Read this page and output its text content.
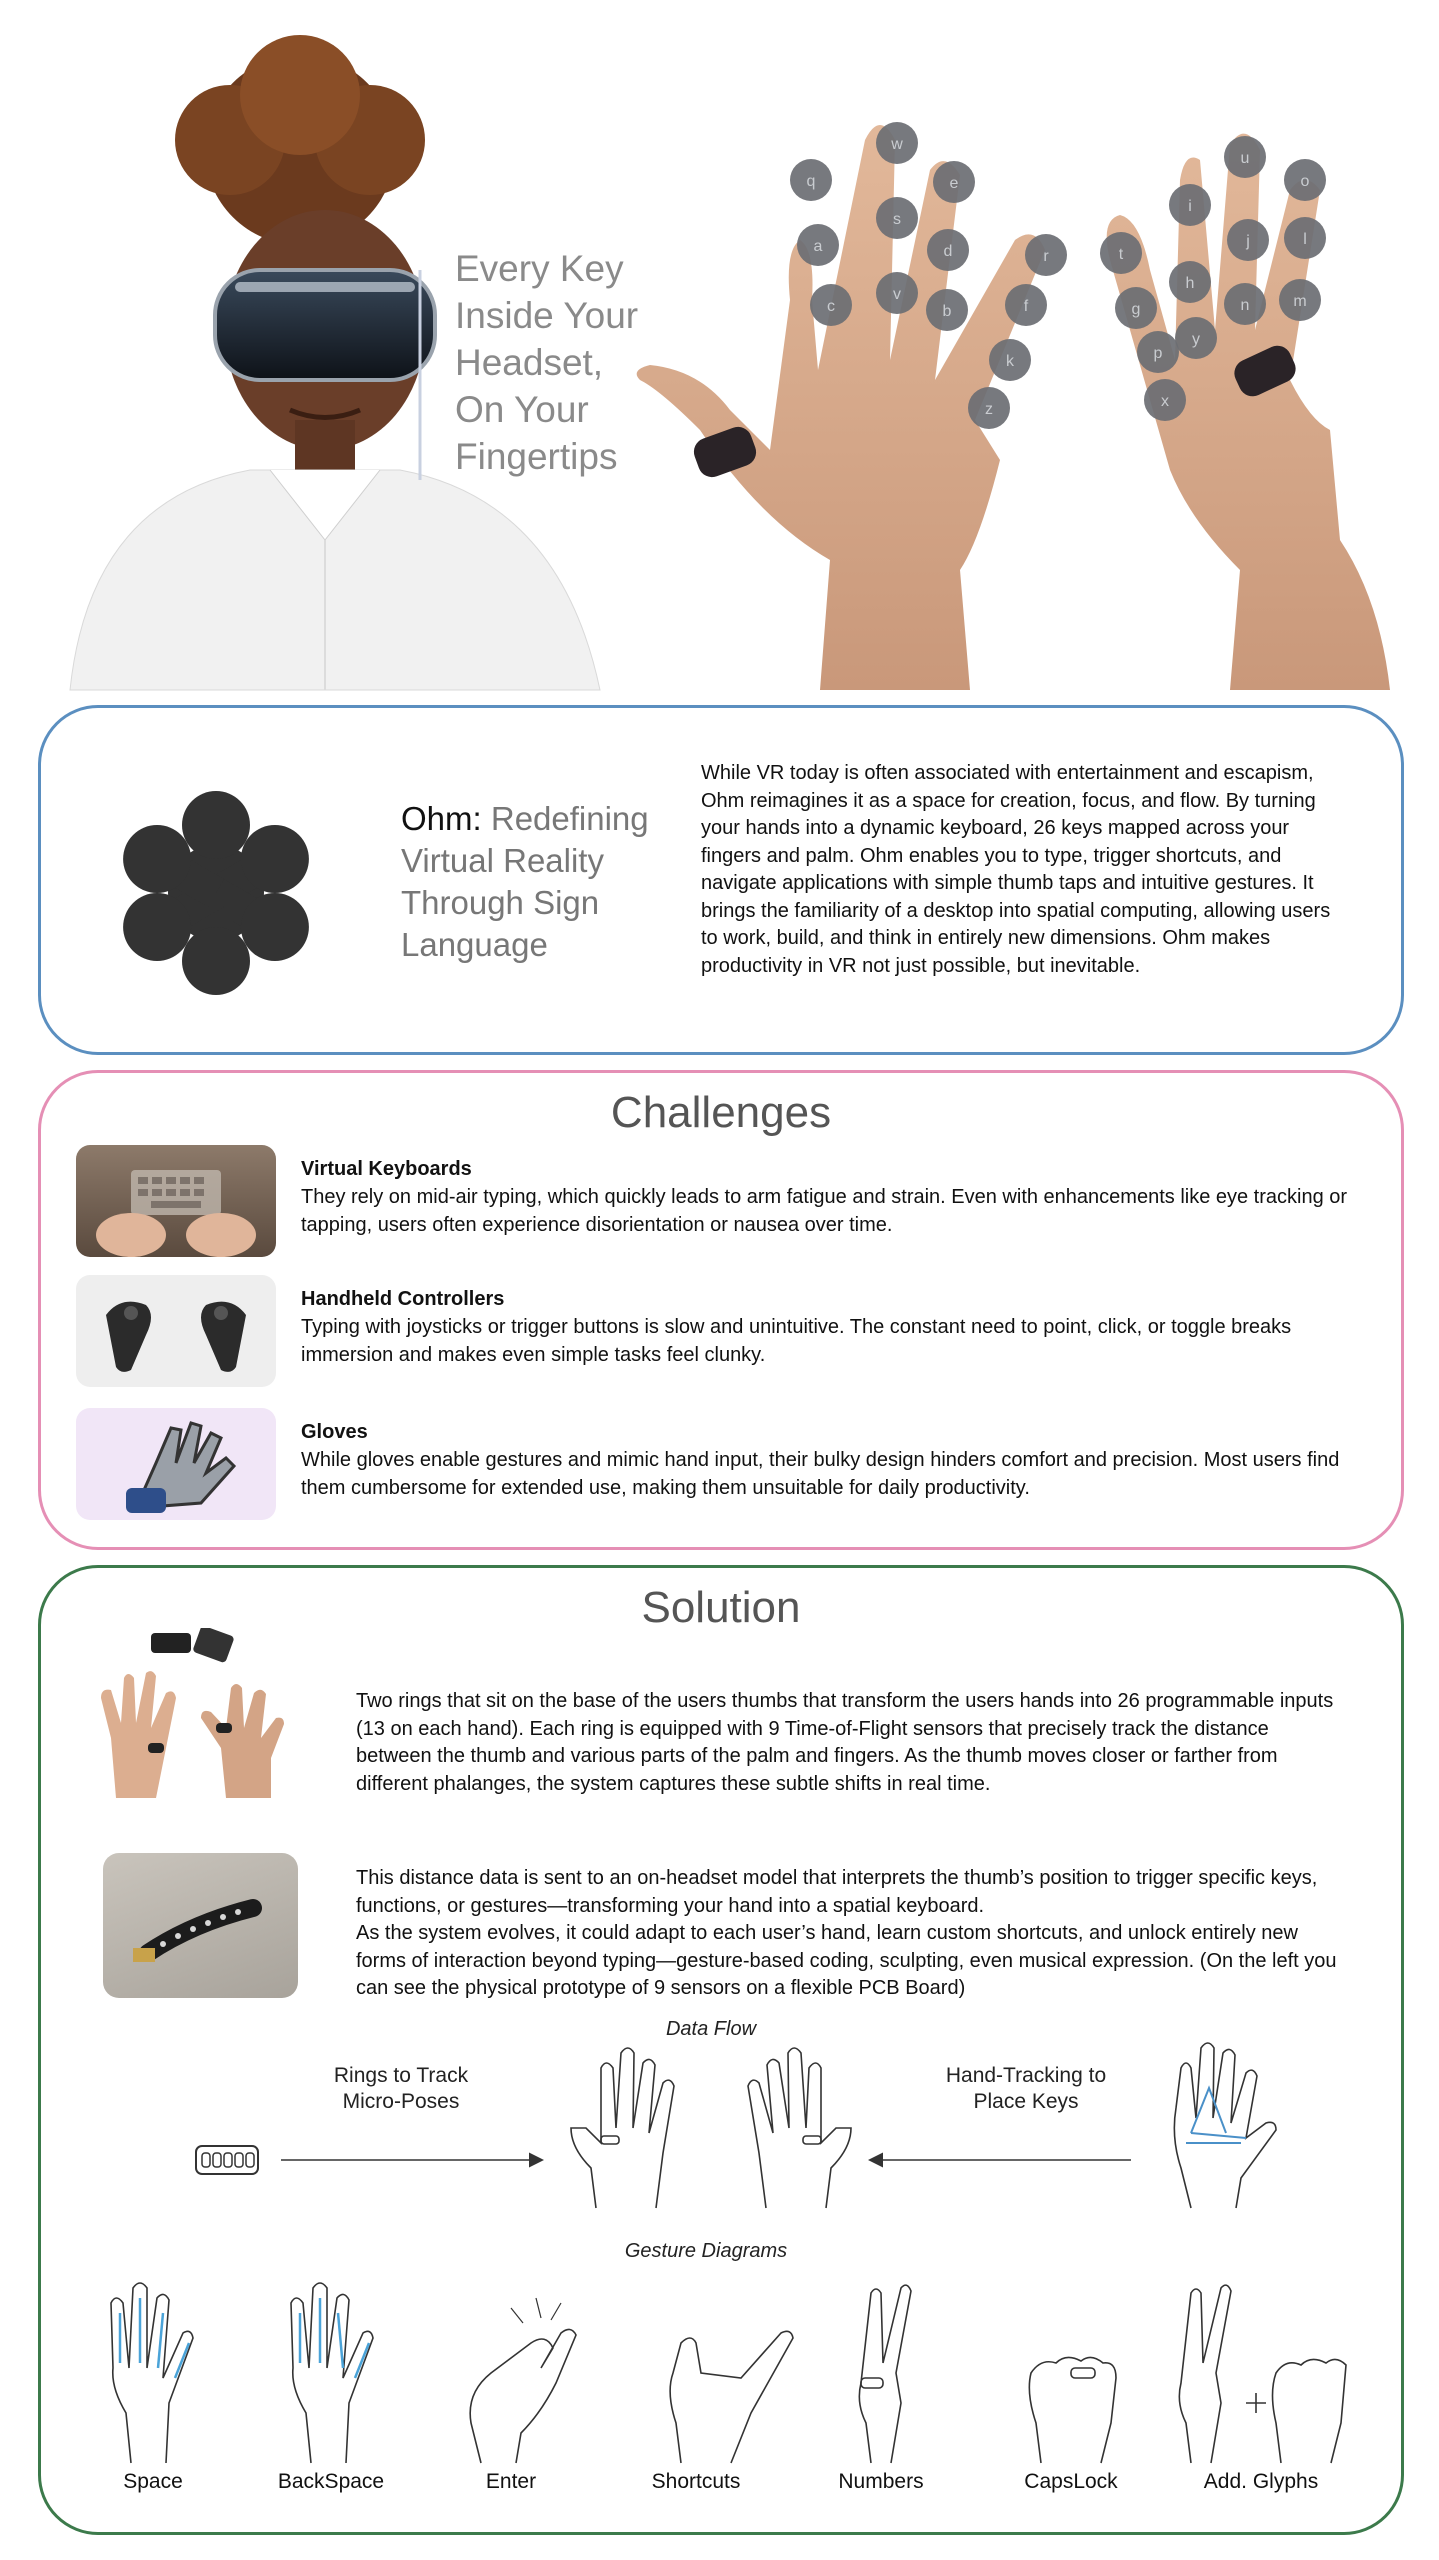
w
q	e
s
a	d	r
v
c	b	f
k
z
u
o
i
t
j	l
g
h
n	m
y
p
x
Every Key
Inside Your
Headset,
On Your
Fingertips
Ohm: Redefining Virtual Reality Through Sign Language
While VR today is often associated with entertainment and escapism, Ohm reimagines it as a space for creation, focus, and flow. By turning your hands into a dynamic keyboard, 26 keys mapped across your fingers and palm. Ohm enables you to type, trigger shortcuts, and navigate applications with simple thumb taps and intuitive gestures. It brings the familiarity of a desktop into spatial computing, allowing users to work, build, and think in entirely new dimensions. Ohm makes productivity in VR not just possible, but inevitable.
Challenges
Virtual Keyboards
They rely on mid-air typing, which quickly leads to arm fatigue and strain. Even with enhancements like eye tracking or tapping, users often experience disorientation or nausea over time.
Handheld Controllers
Typing with joysticks or trigger buttons is slow and unintuitive. The constant need to point, click, or toggle breaks immersion and makes even simple tasks feel clunky.
Gloves
While gloves enable gestures and mimic hand input, their bulky design hinders comfort and precision. Most users find them cumbersome for extended use, making them unsuitable for daily productivity.
Solution
Two rings that sit on the base of the users thumbs that transform the users hands into 26 programmable inputs (13 on each hand). Each ring is equipped with 9 Time-of-Flight sensors that precisely track the distance between the thumb and various parts of the palm and fingers. As the thumb moves closer or farther from different phalanges, the system captures these subtle shifts in real time.
This distance data is sent to an on-headset model that interprets the thumb’s position to trigger specific keys, functions, or gestures—transforming your hand into a spatial keyboard.
As the system evolves, it could adapt to each user’s hand, learn custom shortcuts, and unlock entirely new forms of interaction beyond typing—gesture-based coding, sculpting, even musical expression. (On the left you can see the physical prototype of 9 sensors on a flexible PCB Board)
Data Flow
Rings to Track
Micro-Poses
Hand-Tracking to
Place Keys
Gesture Diagrams
Space	BackSpace	Enter	Shortcuts	Numbers	CapsLock	Add. Glyphs
